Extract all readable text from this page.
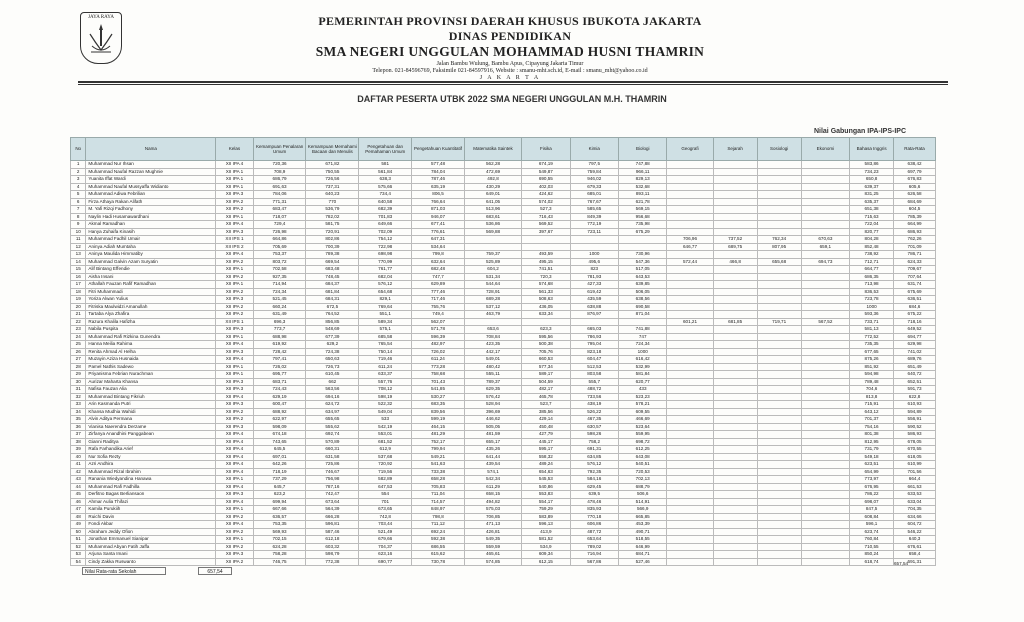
JAYA RAYA	PEMERINTAH PROVINSI DAERAH KHUSUS IBUKOTA JAKARTA
DINAS PENDIDIKAN
SMA NEGERI UNGGULAN MOHAMMAD HUSNI THAMRIN
Jalan Bambu Wulung, Bambu Apus, Cipayung Jakarta Timur
Telepon. 021-84596769, Faksimile 021-84597916, Website : smanu-mht.sch.id, E-mail : smanu_mht@yahoo.co.id
J A K A R T A
DAFTAR PESERTA UTBK 2022 SMA NEGERI UNGGULAN M.H. THAMRIN
Nilai Gabungan IPA-IPS-IPC
No	Nama	Kelas	Kemampuan Penalaran Umum	Kemampuan Memahami Bacaan dan Menulis	Pengetahuan dan Pemahaman Umum	Pengetahuan Kuantitatif	Matematika Saintek	Fisika	Kimia	Biologi	Geografi	Sejarah	Sosiologi	Ekonomi	Bahasa Inggris	Rata-Rata
1	Muhammad Nur Ihsan	XII IPA 4	720,36	671,82	581	577,48	562,28	674,19	797,5	747,88					583,86	638,42
2	Muhammad Naufal Razzan Mughnie	XII IPA 1	708,9	750,55	561,84	784,04	472,69	549,87	759,84	966,11					734,23	697,79
3	Yuanita Iffat Wardi	XII IPA 1	686,79	726,56	638,3	787,46	492,8	690,55	946,02	829,13					650,8	676,83
4	Muhammad Naufal Mussyaffa Widianto	XII IPA 1	691,63	737,31	575,66	635,19	430,29	402,03	679,33	532,68					639,37	605,6
5	Muhammad Adiwa Febrilian	XII IPA 3	784,06	640,23	734,4	806,5	649,01	424,62	685,01	893,11					831,25	626,58
6	Firza Athaya Rakan Alifath	XII IPA 2	771,31	770	640,58	766,64	641,05	574,02	767,67	621,78					635,37	684,69
7	M. Yafi Rizqi Fadhony	XII IPA 2	683,47	536,79	682,39	871,03	513,96	527,3	585,65	569,15					651,38	604,5
8	Naylin Hadi Husamawardhani	XII IPA 1	718,07	782,02	701,83	946,07	683,61	716,43	849,39	956,68					715,63	785,39
9	Akmal Ramadhan	XII IPA 4	729,4	581,75	649,66	677,41	536,86	569,52	772,19	735,98					722,04	664,99
10	Hanya Zuhaifa Kinasih	XII IPA 3	726,98	720,91	702,09	776,61	569,88	397,67	723,11	675,29					820,77	686,93
11	Muhammad Fadhil Umair	XII IPS 1	664,86	802,86	754,12	647,31					706,96	737,52	762,34	670,63	804,28	762,26
12	Aninya Adiah Mumtaha	XII IPS 2	705,69	700,39	722,98	534,64					646,77	689,75	807,95	659,1	852,48	701,09
13	Aninya Maulida Himmatiby	XII IPA 4	753,37	789,38	698,98	799,8	759,37	493,59	1000	730,96					738,92	786,71
14	Muhammad Galvin Azam Suryatin	XII IPA 2	803,72	669,54	770,99	632,64	525,89	495,15	495,6	547,36	572,44	466,8	655,68	694,73	712,71	624,33
15	Alif Bintang Effendie	XII IPA 1	702,58	683,48	761,77	682,48	604,2	741,51	823	517,05					664,77	709,67
16	Aisha Insani	XII IPA 2	927,35	748,45	682,04	747,7	531,34	720,3	781,93	643,53					686,35	707,64
17	Athallah Fauzan Rafif Ramadhan	XII IPA 1	714,94	684,37	576,12	629,89	544,64	574,68	427,33	639,85					713,98	631,74
18	Fitri Muhammadi	XII IPA 2	724,34	681,84	654,68	777,46	728,91	561,33	619,42	506,05					836,53	675,69
19	Yoriza Alwan Yulius	XII IPA 3	521,45	684,31	829,1	717,46	689,28	508,63	435,59	638,56					723,78	636,51
20	Fitriska Maulwidzi Amanullah	XII IPA 2	660,24	672,5	769,64	755,76	537,12	436,05	638,88	690,58					1000	684,6
21	Tartaba Alya Zhafira	XII IPA 2	631,49	764,52	551,1	749,4	463,79	633,34	876,97	871,04					593,36	675,22
22	Razura Khalila Hafizha	XII IPS 1	696,3	856,85	589,34	562,07					601,21	681,85	719,71	567,52	733,71	718,16
23	Nabila Puspita	XII IPA 3	773,7	548,69	575,1	571,78	653,6	623,3	665,03	741,88					581,13	649,52
24	Muhammad Rafi Rizkina Gunendra	XII IPA 1	688,98	677,39	685,58	596,39	708,84	595,56	786,93	747					772,52	694,77
25	Hanna Meilia Rahima	XII IPA 4	619,92	629,2	765,54	482,97	423,35	500,38	795,04	724,34					735,35	629,98
26	Renita Ahmad Al Helha	XII IPA 3	728,42	724,38	750,14	726,02	442,17	705,76	823,18	1000					677,65	741,02
27	Muzayin Aziza Husnaida	XII IPA 4	797,41	650,63	719,46	611,24	549,01	660,53	604,47	616,42					875,26	689,76
28	Pamel Nathis Sadewo	XII IPA 1	726,02	726,73	611,24	773,28	480,42	577,34	512,53	532,99					851,92	651,49
29	Priyanisma Febrian Nurachman	XII IPA 1	695,77	610,45	633,37	758,68	555,11	589,17	803,58	581,84					594,98	640,72
30	Aurizar Maharta Khansa	XII IPA 3	683,71	662	557,76	701,43	789,37	504,59	555,7	620,77					789,48	652,51
31	Nafisa Fauzan Alia	XII IPA 3	724,43	563,56	708,12	541,85	629,35	482,17	488,72	433					704,6	591,73
32	Muhammad Bintang Fikriuh	XII IPA 4	629,19	694,16	598,19	530,27	576,42	465,78	733,56	523,23					813,8	622,8
33	Arin Kasmanda Putri	XII IPA 3	600,47	624,72	522,32	683,35	528,94	523,7	438,19	578,21					715,91	610,93
34	Khansa Mudhia Wahidi	XII IPA 2	688,92	634,97	549,04	839,56	396,69	385,56	526,22	609,55					643,12	594,89
35	Alvin Aditya Permana	XII IPA 2	622,97	655,65	533	599,19	446,62	429,14	467,35	466,69					701,37	556,91
36	Vianisa Naerendra Derzame	XII IPA 3	598,09	555,62	542,19	464,15	505,05	450,48	630,57	523,64					754,16	590,52
37	Zirfanya Anandhini Panggabean	XII IPA 4	674,18	692,74	553,01	481,29	481,59	427,79	598,26	559,95					801,38	586,93
38	Gianni Raditya	XII IPA 4	743,65	570,89	681,52	752,17	655,17	445,17	758,2	698,72					812,95	678,05
39	Rafa Farhandika Arief	XII IPA 4	645,5	660,31	612,9	799,94	435,26	595,17	691,31	612,25					731,79	670,55
40	Nur Sofia Rezty	XII IPA 4	697,01	631,58	537,68	549,21	641,44	558,32	634,85	643,08					549,18	618,05
41	Azri Andhira	XII IPA 4	642,26	725,86	720,92	541,63	439,54	489,24	576,12	540,51					623,51	610,99
42	Muhammad Rizal Ibrahim	XII IPA 4	718,19	746,67	719,56	733,38	574,1	654,63	792,35	720,53					654,99	701,56
43	Ranania Wiedyandina Hanawa	XII IPA 1	737,29	756,98	582,89	658,28	542,34	545,53	584,16	702,13					773,97	664,4
44	Muhammad Rafi Fadhilla	XII IPA 4	645,7	787,16	647,53	705,83	611,29	540,86	629,45	688,79					676,95	661,53
45	Derfitno Bagas Berliansaon	XII IPA 3	623,2	742,47	554	711,04	658,15	553,83	639,5	506,6					786,22	633,53
46	Ahmar Aulia Thifazi	XII IPA 4	699,94	673,64	701	714,57	494,82	554,17	478,46	514,91					698,07	633,04
47	Kamila Purukiih	XII IPA 1	667,66	564,39	673,65	848,97	575,03	759,29	835,93	566,9					847,5	704,35
48	Ruichi Davin	XII IPA 2	636,57	666,28	742,8	798,8	706,85	583,89	770,18	665,85					608,84	634,66
49	Fondi Akbar	XII IPA 4	753,35	596,81	703,44	711,12	471,13	596,13	606,86	453,39					596,1	604,72
50	Abraham Jeddy Ofion	XII IPA 2	569,93	587,46	521,49	692,24	426,81	413,9	487,72	490,71					623,74	546,22
51	Jonathan Emmanuel Sianipar	XII IPA 1	702,15	612,18	679,66	592,38	549,35	581,52	653,64	518,55					760,84	640,3
52	Muhammad Abyan Fatih Jaffa	XII IPA 2	624,28	603,32	704,37	686,55	559,59	534,9	789,02	646,99					710,55	676,61
53	Arjuna Santa Imani	XII IPA 3	758,28	598,79	623,16	615,62	465,61	609,34	716,94	684,71					850,24	658,4
54	Cindy Zakka Ruswanto	XII IPA 2	746,75	772,38	690,77	730,78	574,85	612,15	567,86	527,46					618,74	691,31
657,54
Nilai Rata-rata Sekolah	657,54
